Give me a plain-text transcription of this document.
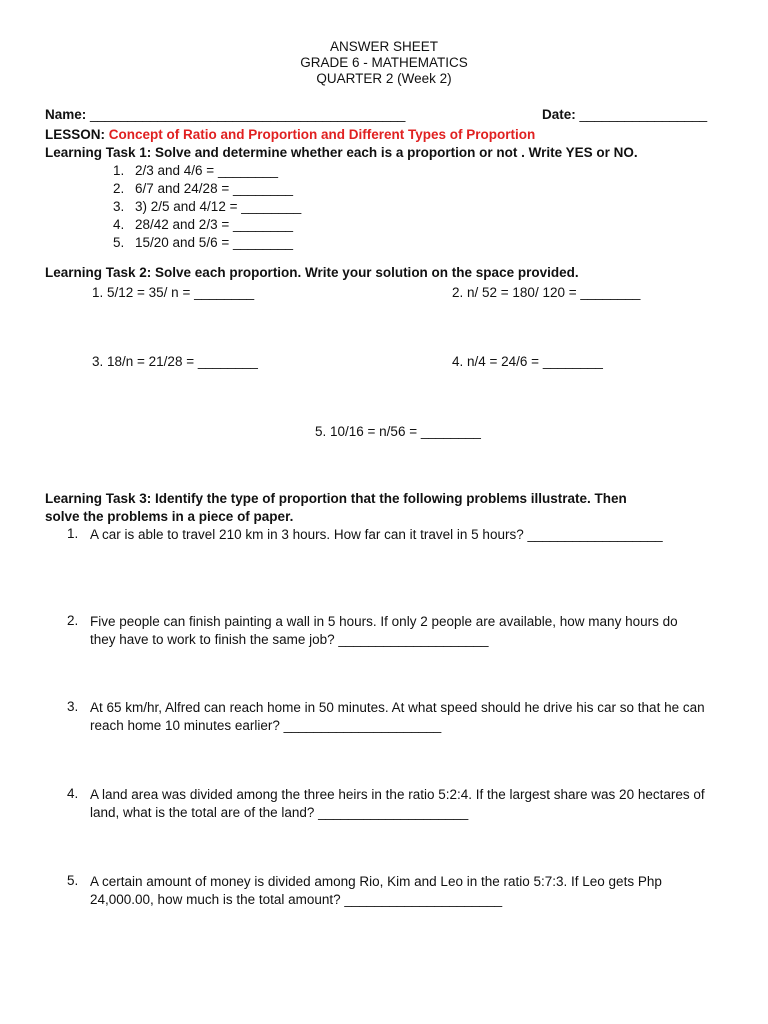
ANSWER SHEET
GRADE 6 - MATHEMATICS
QUARTER 2 (Week 2)
Name: __________________________________________	Date: _________________
LESSON: Concept of Ratio and Proportion and Different Types of Proportion
Learning Task 1: Solve and determine whether each is a proportion or not . Write YES or NO.
1. 2/3 and 4/6 = ________
2. 6/7 and 24/28 = ________
3. 3) 2/5 and 4/12 = ________
4. 28/42 and 2/3 = ________
5. 15/20 and 5/6 = ________
Learning Task 2: Solve each proportion. Write your solution on the space provided.
1. 5/12 = 35/ n = ________	2. n/ 52 = 180/ 120 = ________
3. 18/n = 21/28 = ________	4. n/4 = 24/6 = ________
5. 10/16 = n/56 = ________
Learning Task 3: Identify the type of proportion that the following problems illustrate. Then
solve the problems in a piece of paper.
1. A car is able to travel 210 km in 3 hours. How far can it travel in 5 hours? __________________
2. Five people can finish painting a wall in 5 hours. If only 2 people are available, how many hours do they have to work to finish the same job? ____________________
3. At 65 km/hr, Alfred can reach home in 50 minutes. At what speed should he drive his car so that he can reach home 10 minutes earlier? _____________________
4. A land area was divided among the three heirs in the ratio 5:2:4. If the largest share was 20 hectares of land, what is the total are of the land? ____________________
5. A certain amount of money is divided among Rio, Kim and Leo in the ratio 5:7:3. If Leo gets Php 24,000.00, how much is the total amount? _____________________
